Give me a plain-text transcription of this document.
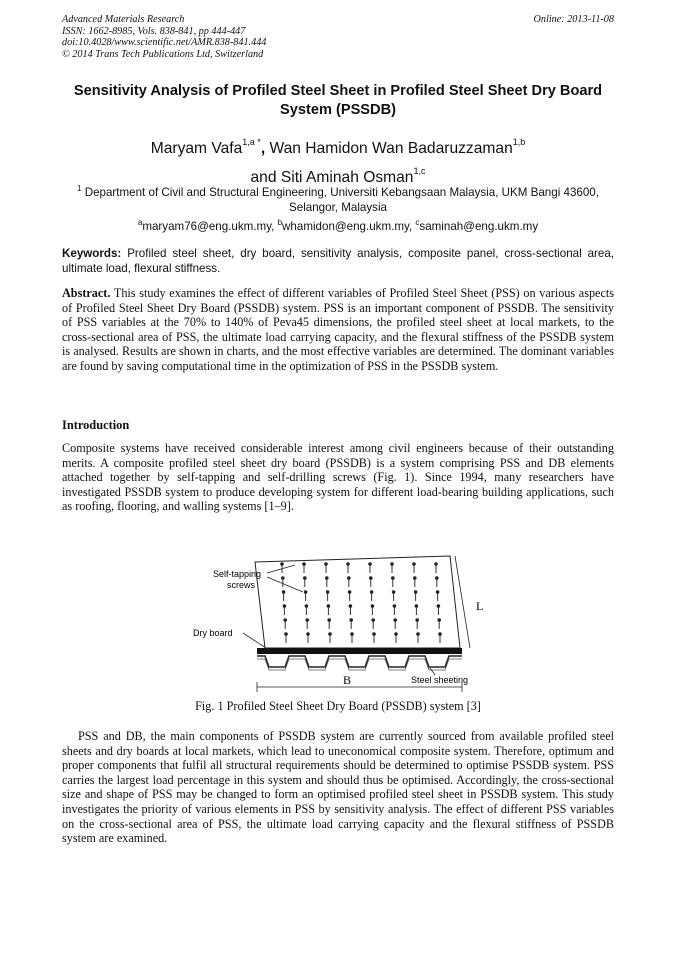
Advanced Materials Research
ISSN: 1662-8985, Vols. 838-841, pp 444-447
doi:10.4028/www.scientific.net/AMR.838-841.444
© 2014 Trans Tech Publications Ltd, Switzerland
Online: 2013-11-08
Sensitivity Analysis of Profiled Steel Sheet in Profiled Steel Sheet Dry Board System (PSSDB)
Maryam Vafa$^{1,a *}$, Wan Hamidon Wan Badaruzzaman$^{1,b}$
and Siti Aminah Osman$^{1,c}$
$^1$ Department of Civil and Structural Engineering, Universiti Kebangsaan Malaysia, UKM Bangi 43600, Selangor, Malaysia
$^a$maryam76@eng.ukm.my, $^b$whamidon@eng.ukm.my, $^c$saminah@eng.ukm.my
Keywords: Profiled steel sheet, dry board, sensitivity analysis, composite panel, cross-sectional area, ultimate load, flexural stiffness.
Abstract. This study examines the effect of different variables of Profiled Steel Sheet (PSS) on various aspects of Profiled Steel Sheet Dry Board (PSSDB) system. PSS is an important component of PSSDB. The sensitivity of PSS variables at the 70% to 140% of Peva45 dimensions, the profiled steel sheet at local markets, to the cross-sectional area of PSS, the ultimate load carrying capacity, and the flexural stiffness of the PSSDB system is analysed. Results are shown in charts, and the most effective variables are determined. The dominant variables are found by saving computational time in the optimization of PSS in the PSSDB system.
Introduction
Composite systems have received considerable interest among civil engineers because of their outstanding merits. A composite profiled steel sheet dry board (PSSDB) is a system comprising PSS and DB elements attached together by self-tapping and self-drilling screws (Fig. 1). Since 1994, many researchers have investigated PSSDB system to produce developing system for different load-bearing building applications, such as roofing, flooring, and walling systems [1–9].
L
B
Self-tapping
screws
Dry board
Steel sheeting
Fig. 1 Profiled Steel Sheet Dry Board (PSSDB) system [3]
PSS and DB, the main components of PSSDB system are currently sourced from available profiled steel sheets and dry boards at local markets, which lead to uneconomical composite system. Therefore, optimum and proper components that fulfil all structural requirements should be determined to optimise PSSDB system. PSS carries the largest load percentage in this system and should thus be optimised. Accordingly, the cross-sectional size and shape of PSS may be changed to form an optimised profiled steel sheet in PSSDB system. This study investigates the priority of various elements in PSS by sensitivity analysis. The effect of different PSS variables on the cross-sectional area of PSS, the ultimate load carrying capacity and the flexural stiffness of PSSDB system are examined.
